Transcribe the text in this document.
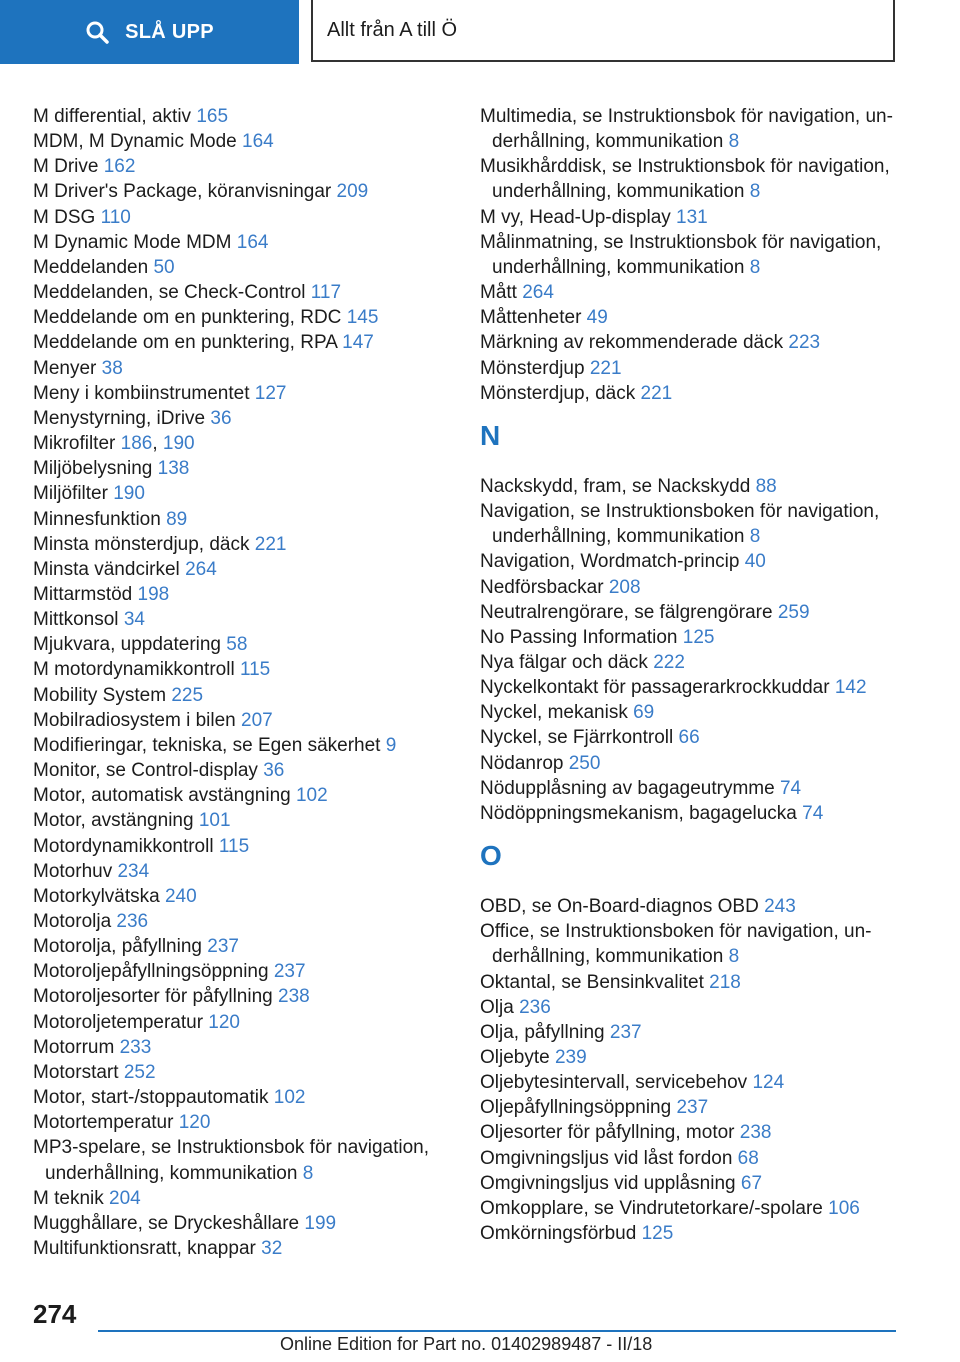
SLÅ UPP	Allt från A till Ö
M differential, aktiv 165
MDM, M Dynamic Mode 164
M Drive 162
M Driver's Package, köranvisningar 209
M DSG 110
M Dynamic Mode MDM 164
Meddelanden 50
Meddelanden, se Check-Control 117
Meddelande om en punktering, RDC 145
Meddelande om en punktering, RPA 147
Menyer 38
Meny i kombiinstrumentet 127
Menystyrning, iDrive 36
Mikrofilter 186, 190
Miljöbelysning 138
Miljöfilter 190
Minnesfunktion 89
Minsta mönsterdjup, däck 221
Minsta vändcirkel 264
Mittarmstöd 198
Mittkonsol 34
Mjukvara, uppdatering 58
M motordynamikkontroll 115
Mobility System 225
Mobilradiosystem i bilen 207
Modifieringar, tekniska, se Egen säkerhet 9
Monitor, se Control-display 36
Motor, automatisk avstängning 102
Motor, avstängning 101
Motordynamikkontroll 115
Motorhuv 234
Motorkylvätska 240
Motorolja 236
Motorolja, påfyllning 237
Motoroljepåfyllningsöppning 237
Motoroljesorter för påfyllning 238
Motoroljetemperatur 120
Motorrum 233
Motorstart 252
Motor, start-/stoppautomatik 102
Motortemperatur 120
MP3-spelare, se Instruktionsbok för navigation, underhållning, kommunikation 8
M teknik 204
Mugghållare, se Dryckeshållare 199
Multifunktionsratt, knappar 32
Multimedia, se Instruktionsbok för navigation, underhållning, kommunikation 8
Musikhårddisk, se Instruktionsbok för navigation, underhållning, kommunikation 8
M vy, Head-Up-display 131
Målinmatning, se Instruktionsbok för navigation, underhållning, kommunikation 8
Mått 264
Måttenheter 49
Märkning av rekommenderade däck 223
Mönsterdjup 221
Mönsterdjup, däck 221
N
Nackskydd, fram, se Nackskydd 88
Navigation, se Instruktionsboken för navigation, underhållning, kommunikation 8
Navigation, Wordmatch-princip 40
Nedförsbackar 208
Neutralrengörare, se fälgrengörare 259
No Passing Information 125
Nya fälgar och däck 222
Nyckelkontakt för passagerarkrockkuddar 142
Nyckel, mekanisk 69
Nyckel, se Fjärrkontroll 66
Nödanrop 250
Nödupplåsning av bagageutrymme 74
Nödöppningsmekanism, bagagelucka 74
O
OBD, se On-Board-diagnos OBD 243
Office, se Instruktionsboken för navigation, underhållning, kommunikation 8
Oktantal, se Bensinkvalitet 218
Olja 236
Olja, påfyllning 237
Oljebyte 239
Oljebytesintervall, servicebehov 124
Oljepåfyllningsöppning 237
Oljesorter för påfyllning, motor 238
Omgivningsljus vid låst fordon 68
Omgivningsljus vid upplåsning 67
Omkopplare, se Vindrutetorkare/-spolare 106
Omkörningsförbud 125
274
Online Edition for Part no. 01402989487 - II/18
